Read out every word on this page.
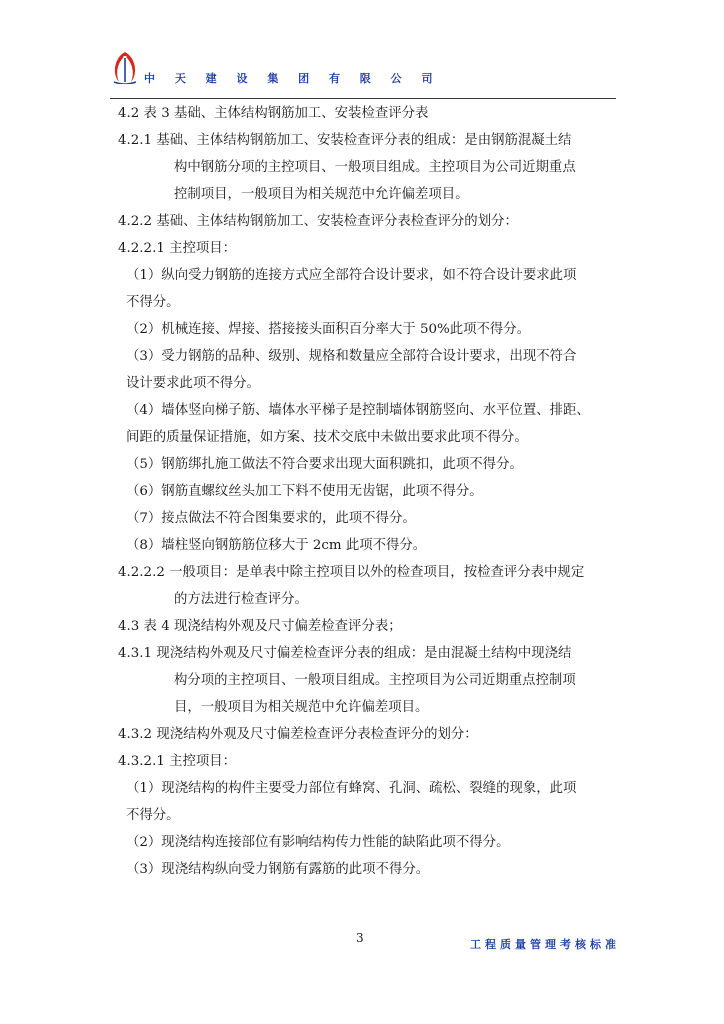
中 天 建 设 集 团 有 限 公 司
4.2 表 3 基础、主体结构钢筋加工、安装检查评分表
4.2.1 基础、主体结构钢筋加工、安装检查评分表的组成：是由钢筋混凝土结
构中钢筋分项的主控项目、一般项目组成。主控项目为公司近期重点
控制项目，一般项目为相关规范中允许偏差项目。
4.2.2 基础、主体结构钢筋加工、安装检查评分表检查评分的划分：
4.2.2.1 主控项目：
（1）纵向受力钢筋的连接方式应全部符合设计要求，如不符合设计要求此项
不得分。
（2）机械连接、焊接、搭接接头面积百分率大于 50%此项不得分。
（3）受力钢筋的品种、级别、规格和数量应全部符合设计要求，出现不符合
设计要求此项不得分。
（4）墙体竖向梯子筋、墙体水平梯子是控制墙体钢筋竖向、水平位置、排距、
间距的质量保证措施，如方案、技术交底中未做出要求此项不得分。
（5）钢筋绑扎施工做法不符合要求出现大面积跳扣，此项不得分。
（6）钢筋直螺纹丝头加工下料不使用无齿锯，此项不得分。
（7）接点做法不符合图集要求的，此项不得分。
（8）墙柱竖向钢筋筋位移大于 2cm 此项不得分。
4.2.2.2 一般项目：是单表中除主控项目以外的检查项目，按检查评分表中规定
的方法进行检查评分。
4.3 表 4 现浇结构外观及尺寸偏差检查评分表；
4.3.1 现浇结构外观及尺寸偏差检查评分表的组成：是由混凝土结构中现浇结
构分项的主控项目、一般项目组成。主控项目为公司近期重点控制项
目，一般项目为相关规范中允许偏差项目。
4.3.2 现浇结构外观及尺寸偏差检查评分表检查评分的划分：
4.3.2.1 主控项目：
（1）现浇结构的构件主要受力部位有蜂窝、孔洞、疏松、裂缝的现象，此项
不得分。
（2）现浇结构连接部位有影响结构传力性能的缺陷此项不得分。
（3）现浇结构纵向受力钢筋有露筋的此项不得分。
3	工程质量管理考核标准
